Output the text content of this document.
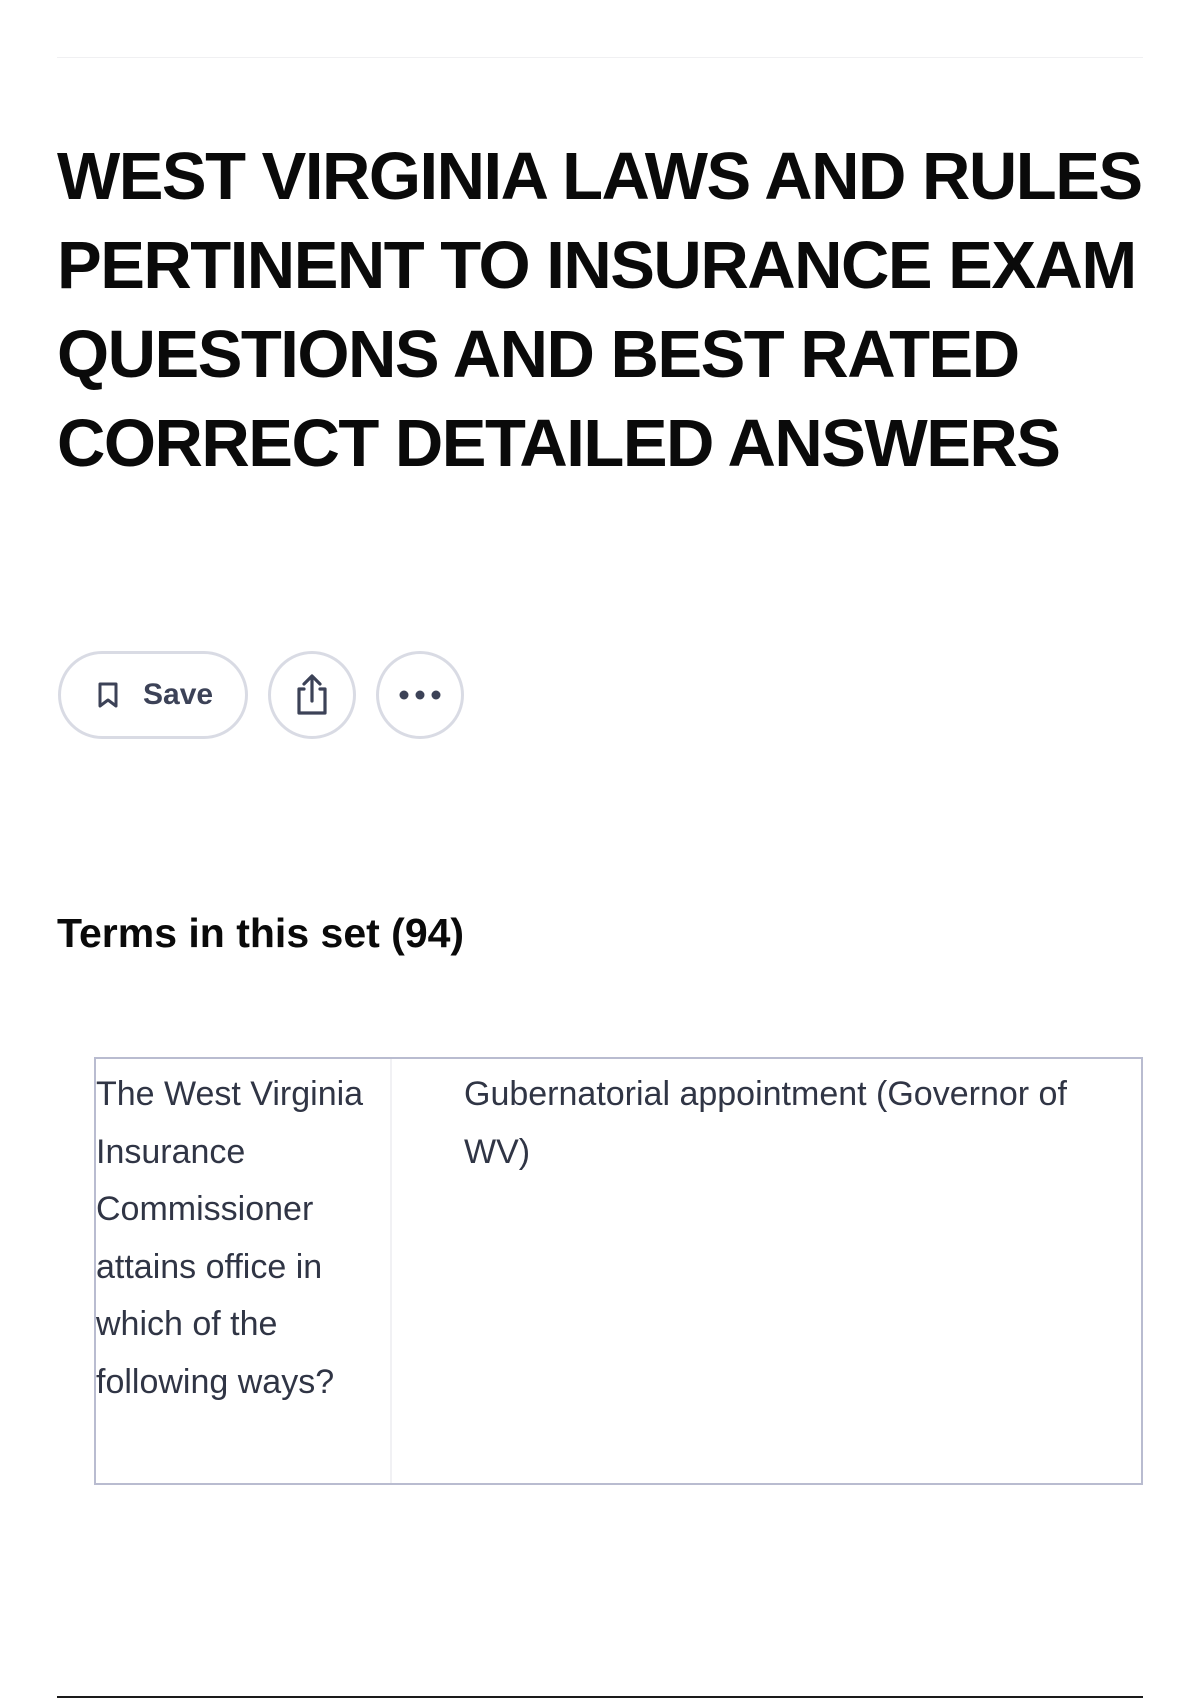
WEST VIRGINIA LAWS AND RULES PERTINENT TO INSURANCE EXAM QUESTIONS AND BEST RATED CORRECT DETAILED ANSWERS
Save
Terms in this set (94)
The West Virginia Insurance Commissioner attains office in which of the following ways?
Gubernatorial appointment (Governor of WV)
